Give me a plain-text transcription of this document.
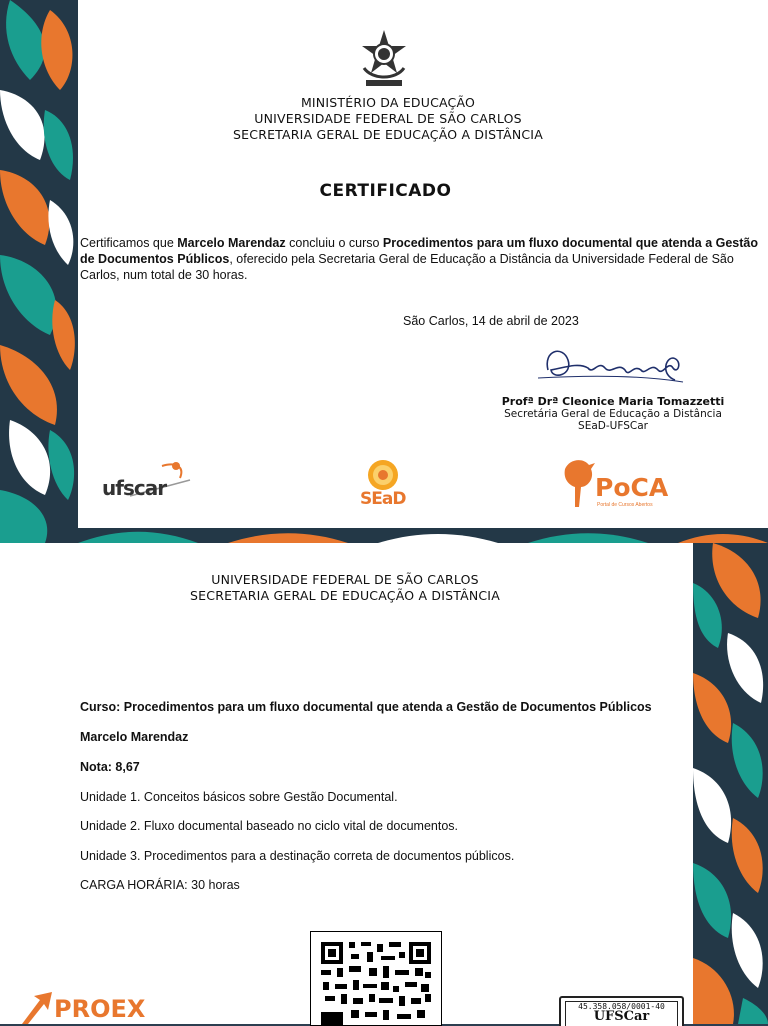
MINISTÉRIO DA EDUCAÇÃO
UNIVERSIDADE FEDERAL DE SÃO CARLOS
SECRETARIA GERAL DE EDUCAÇÃO A DISTÂNCIA
CERTIFICADO
Certificamos que Marcelo Marendaz concluiu o curso Procedimentos para um fluxo documental que atenda a Gestão de Documentos Públicos, oferecido pela Secretaria Geral de Educação a Distância da Universidade Federal de São Carlos, num total de 30 horas.
São Carlos, 14 de abril de 2023
Profª Drª Cleonice Maria Tomazzetti
Secretária Geral de Educação a Distância
SEaD-UFSCar
ufscar	SEaD	PoCA
Portal de Cursos Abertos
UNIVERSIDADE FEDERAL DE SÃO CARLOS
SECRETARIA GERAL DE EDUCAÇÃO A DISTÂNCIA
Curso: Procedimentos para um fluxo documental que atenda a Gestão de Documentos Públicos
Marcelo Marendaz
Nota: 8,67
Unidade 1. Conceitos básicos sobre Gestão Documental.
Unidade 2. Fluxo documental baseado no ciclo vital de documentos.
Unidade 3. Procedimentos para a destinação correta de documentos públicos.
CARGA HORÁRIA: 30 horas
PROEX	45.358.058/0001-40
UFSCar
